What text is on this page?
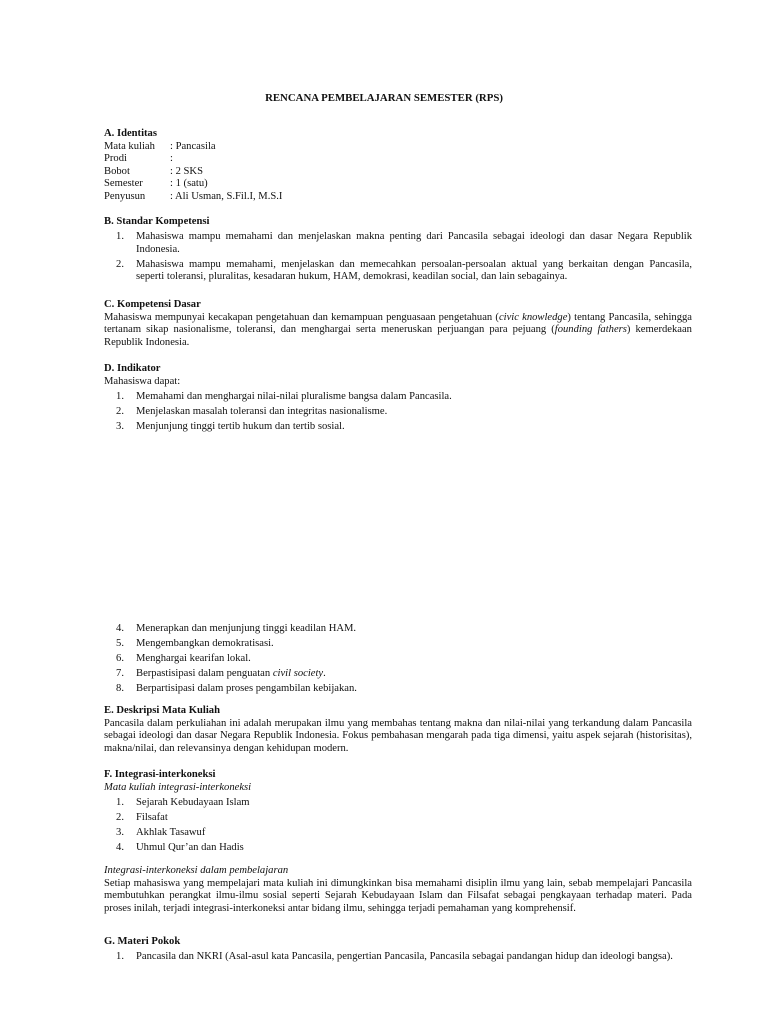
RENCANA PEMBELAJARAN SEMESTER (RPS)
A. Identitas
Mata kuliah	: Pancasila
Prodi	:
Bobot	: 2 SKS
Semester	: 1 (satu)
Penyusun	: Ali Usman, S.Fil.I, M.S.I
B. Standar Kompetensi
1.	Mahasiswa mampu memahami dan menjelaskan makna penting dari Pancasila sebagai ideologi dan dasar Negara Republik Indonesia.
2.	Mahasiswa mampu memahami, menjelaskan dan memecahkan persoalan-persoalan aktual yang berkaitan dengan Pancasila, seperti toleransi, pluralitas, kesadaran hukum, HAM, demokrasi, keadilan social, dan lain sebagainya.
C. Kompetensi Dasar
Mahasiswa mempunyai kecakapan pengetahuan dan kemampuan penguasaan pengetahuan (civic knowledge) tentang Pancasila, sehingga tertanam sikap nasionalisme, toleransi, dan menghargai serta meneruskan perjuangan para pejuang (founding fathers) kemerdekaan Republik Indonesia.
D. Indikator
Mahasiswa dapat:
1.	Memahami dan menghargai nilai-nilai pluralisme bangsa dalam Pancasila.
2.	Menjelaskan masalah toleransi dan integritas nasionalisme.
3.	Menjunjung tinggi tertib hukum dan tertib sosial.
4.	Menerapkan dan menjunjung tinggi keadilan HAM.
5.	Mengembangkan demokratisasi.
6.	Menghargai kearifan lokal.
7.	Berpastisipasi dalam penguatan civil society.
8.	Berpartisipasi dalam proses pengambilan kebijakan.
E. Deskripsi Mata Kuliah
Pancasila dalam perkuliahan ini adalah merupakan ilmu yang membahas tentang makna dan nilai-nilai yang terkandung dalam Pancasila sebagai ideologi dan dasar Negara Republik Indonesia. Fokus pembahasan mengarah pada tiga dimensi, yaitu aspek sejarah (historisitas), makna/nilai, dan relevansinya dengan kehidupan modern.
F. Integrasi-interkoneksi
Mata kuliah integrasi-interkoneksi
1.	Sejarah Kebudayaan Islam
2.	Filsafat
3.	Akhlak Tasawuf
4.	Uhmul Qur’an dan Hadis
Integrasi-interkoneksi dalam pembelajaran
Setiap mahasiswa yang mempelajari mata kuliah ini dimungkinkan bisa memahami disiplin ilmu yang lain, sebab mempelajari Pancasila membutuhkan perangkat ilmu-ilmu sosial seperti Sejarah Kebudayaan Islam dan Filsafat sebagai pengkayaan terhadap materi. Pada proses inilah, terjadi integrasi-interkoneksi antar bidang ilmu, sehingga terjadi pemahaman yang komprehensif.
G. Materi Pokok
1.	Pancasila dan NKRI (Asal-asul kata Pancasila, pengertian Pancasila, Pancasila sebagai pandangan hidup dan ideologi bangsa).
